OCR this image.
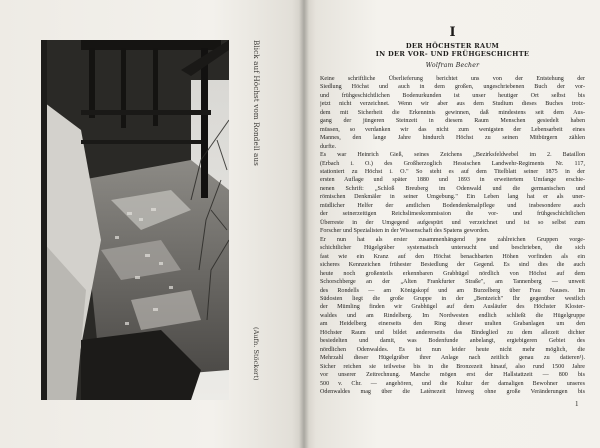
Blick auf Höchst vom Rondell aus
(Aufn. Stöckert)
I
DER HÖCHSTER RAUM
IN DER VOR- UND FRÜHGESCHICHTE
Wolfram Becher
Keine schriftliche Überlieferung berichtet uns von der Entstehung der
Siedlung Höchst und auch in dem großen, ungeschriebenen Buch der vor-
und frühgeschichtlichen Bodenurkunden ist unser heutiger Ort selbst bis
jetzt nicht verzeichnet. Wenn wir aber aus dem Studium dieses Buches trotz-
dem mit Sicherheit die Erkenntnis gewinnen, daß mindestens seit dem Aus-
gang der jüngeren Steinzeit in diesem Raum Menschen gesiedelt haben
müssen, so verdanken wir das nicht zum wenigsten der Lebensarbeit eines
Mannes, den lange Jahre hindurch Höchst zu seinen Mitbürgern zählen
durfte.
Es war Heinrich Gieß, seines Zeichens „Bezirksfeldwebel im 2. Bataillon
(Erbach i. O.) des Großherzoglich Hessischen Landwehr-Regiments Nr. 117,
stationiert zu Höchst i. O." So steht es auf dem Titelblatt seiner 1875 in der
ersten Auflage und später 1880 und 1893 in erweitertem Umfange erschie-
nenen Schrift: „Schloß Breuberg im Odenwald und die germanischen und
römischen Denkmäler in seiner Umgebung." Ein Leben lang hat er als uner-
müdlicher Helfer der amtlichen Bodendenkmalpflege und insbesondere auch
der seinerzeitigen Reichslimeskommission die vor- und frühgeschichtlichen
Überreste in der Umgegend aufgespürt und verzeichnet und ist so selbst zum
Forscher und Spezialisten in der Wissenschaft des Spatens geworden.
Er nun hat als erster zusammenhängend jene zahlreichen Gruppen vorge-
schichtlicher Hügelgräber systematisch untersucht und beschrieben, die sich
fast wie ein Kranz auf den Höchst benachbarten Höhen vorfinden als ein
sicheres Kennzeichen frühester Besiedlung der Gegend. Es sind dies die auch
heute noch großenteils erkennbaren Grabhügel nördlich von Höchst auf dem
Schorschberge an der „Alten Frankfurter Straße", am Tannenberg — unweit
des Rondells — am Königskopf und am Burzelberg über Frau Nauses. Im
Südosten liegt die große Gruppe in der „Bentzeich" Ihr gegenüber westlich
der Mümling finden wir Grabhügel auf dem Ausläufer des Höchster Kloster-
waldes und am Rindelberg. Im Nordwesten endlich schließt die Hügelgruppe
am Heidelberg einerseits den Ring dieser uralten Grabanlagen um den
Höchster Raum und bildet andererseits das Bindeglied zu dem allezeit dichter
besiedelten und damit, was Bodenfunde anbelangt, ergiebigeren Gebiet des
nördlichen Odenwaldes. Es ist nun leider heute nicht mehr möglich, die
Mehrzahl dieser Hügelgräber ihrer Anlage nach zeitlich genau zu datieren¹).
Sicher reichen sie teilweise bis in die Bronzezeit hinauf, also rund 1500 Jahre
vor unserer Zeitrechnung. Manche mögen erst der Hallstattzeit — 800 bis
500 v. Chr. — angehören, und die Kultur der damaligen Bewohner unseres
Odenwaldes mag über die Latènezeit hinweg ohne große Veränderungen bis
1
